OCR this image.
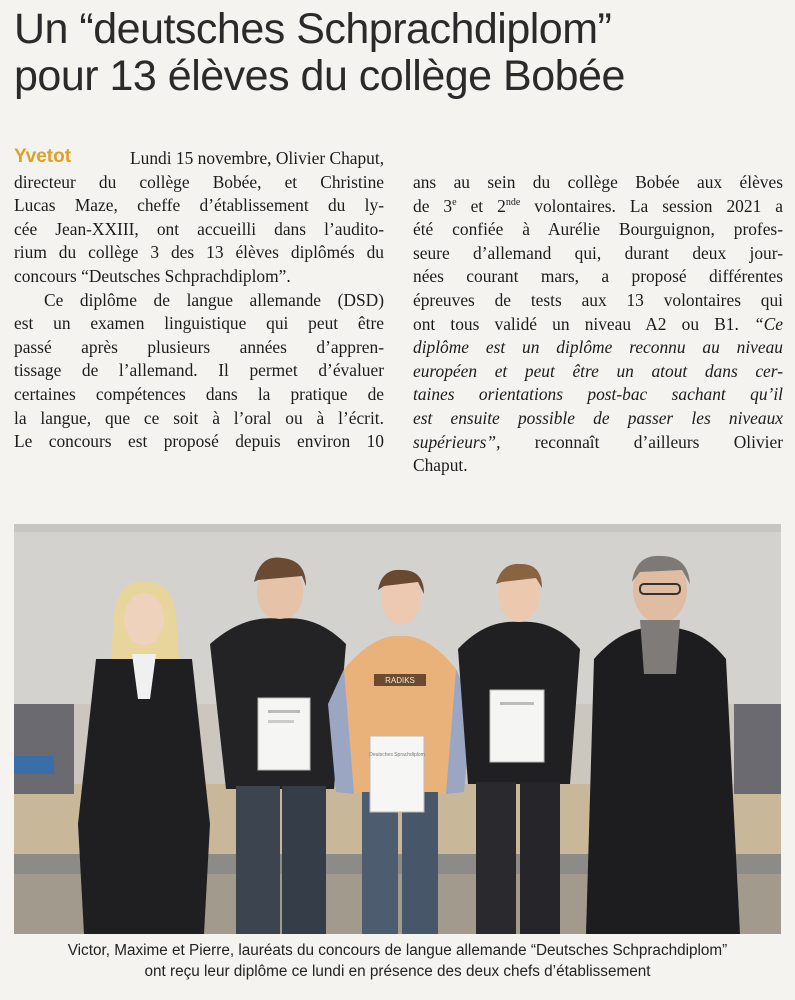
Un “deutsches Schprachdiplom”
pour 13 élèves du collège Bobée
Yvetot	Lundi 15 novembre, Olivier Chaput,
directeur du collège Bobée, et Christine
Lucas Maze, cheffe d’établissement du ly-
cée Jean-XXIII, ont accueilli dans l’audito-
rium du collège 3 des 13 élèves diplômés du
concours “Deutsches Schprachdiplom”.
Ce diplôme de langue allemande (DSD)
est un examen linguistique qui peut être
passé après plusieurs années d’appren-
tissage de l’allemand. Il permet d’évaluer
certaines compétences dans la pratique de
la langue, que ce soit à l’oral ou à l’écrit.
Le concours est proposé depuis environ 10
ans au sein du collège Bobée aux élèves
de 3e et 2nde volontaires. La session 2021 a
été confiée à Aurélie Bourguignon, profes-
seure d’allemand qui, durant deux jour-
nées courant mars, a proposé différentes
épreuves de tests aux 13 volontaires qui
ont tous validé un niveau A2 ou B1. “Ce
diplôme est un diplôme reconnu au niveau
européen et peut être un atout dans cer-
taines orientations post-bac sachant qu’il
est ensuite possible de passer les niveaux
supérieurs”, reconnaît d’ailleurs Olivier
Chaput.
RADIKS
Deutsches Sprachdiplom
Victor, Maxime et Pierre, lauréats du concours de langue allemande “Deutsches Schprachdiplom”
ont reçu leur diplôme ce lundi en présence des deux chefs d’établissement
